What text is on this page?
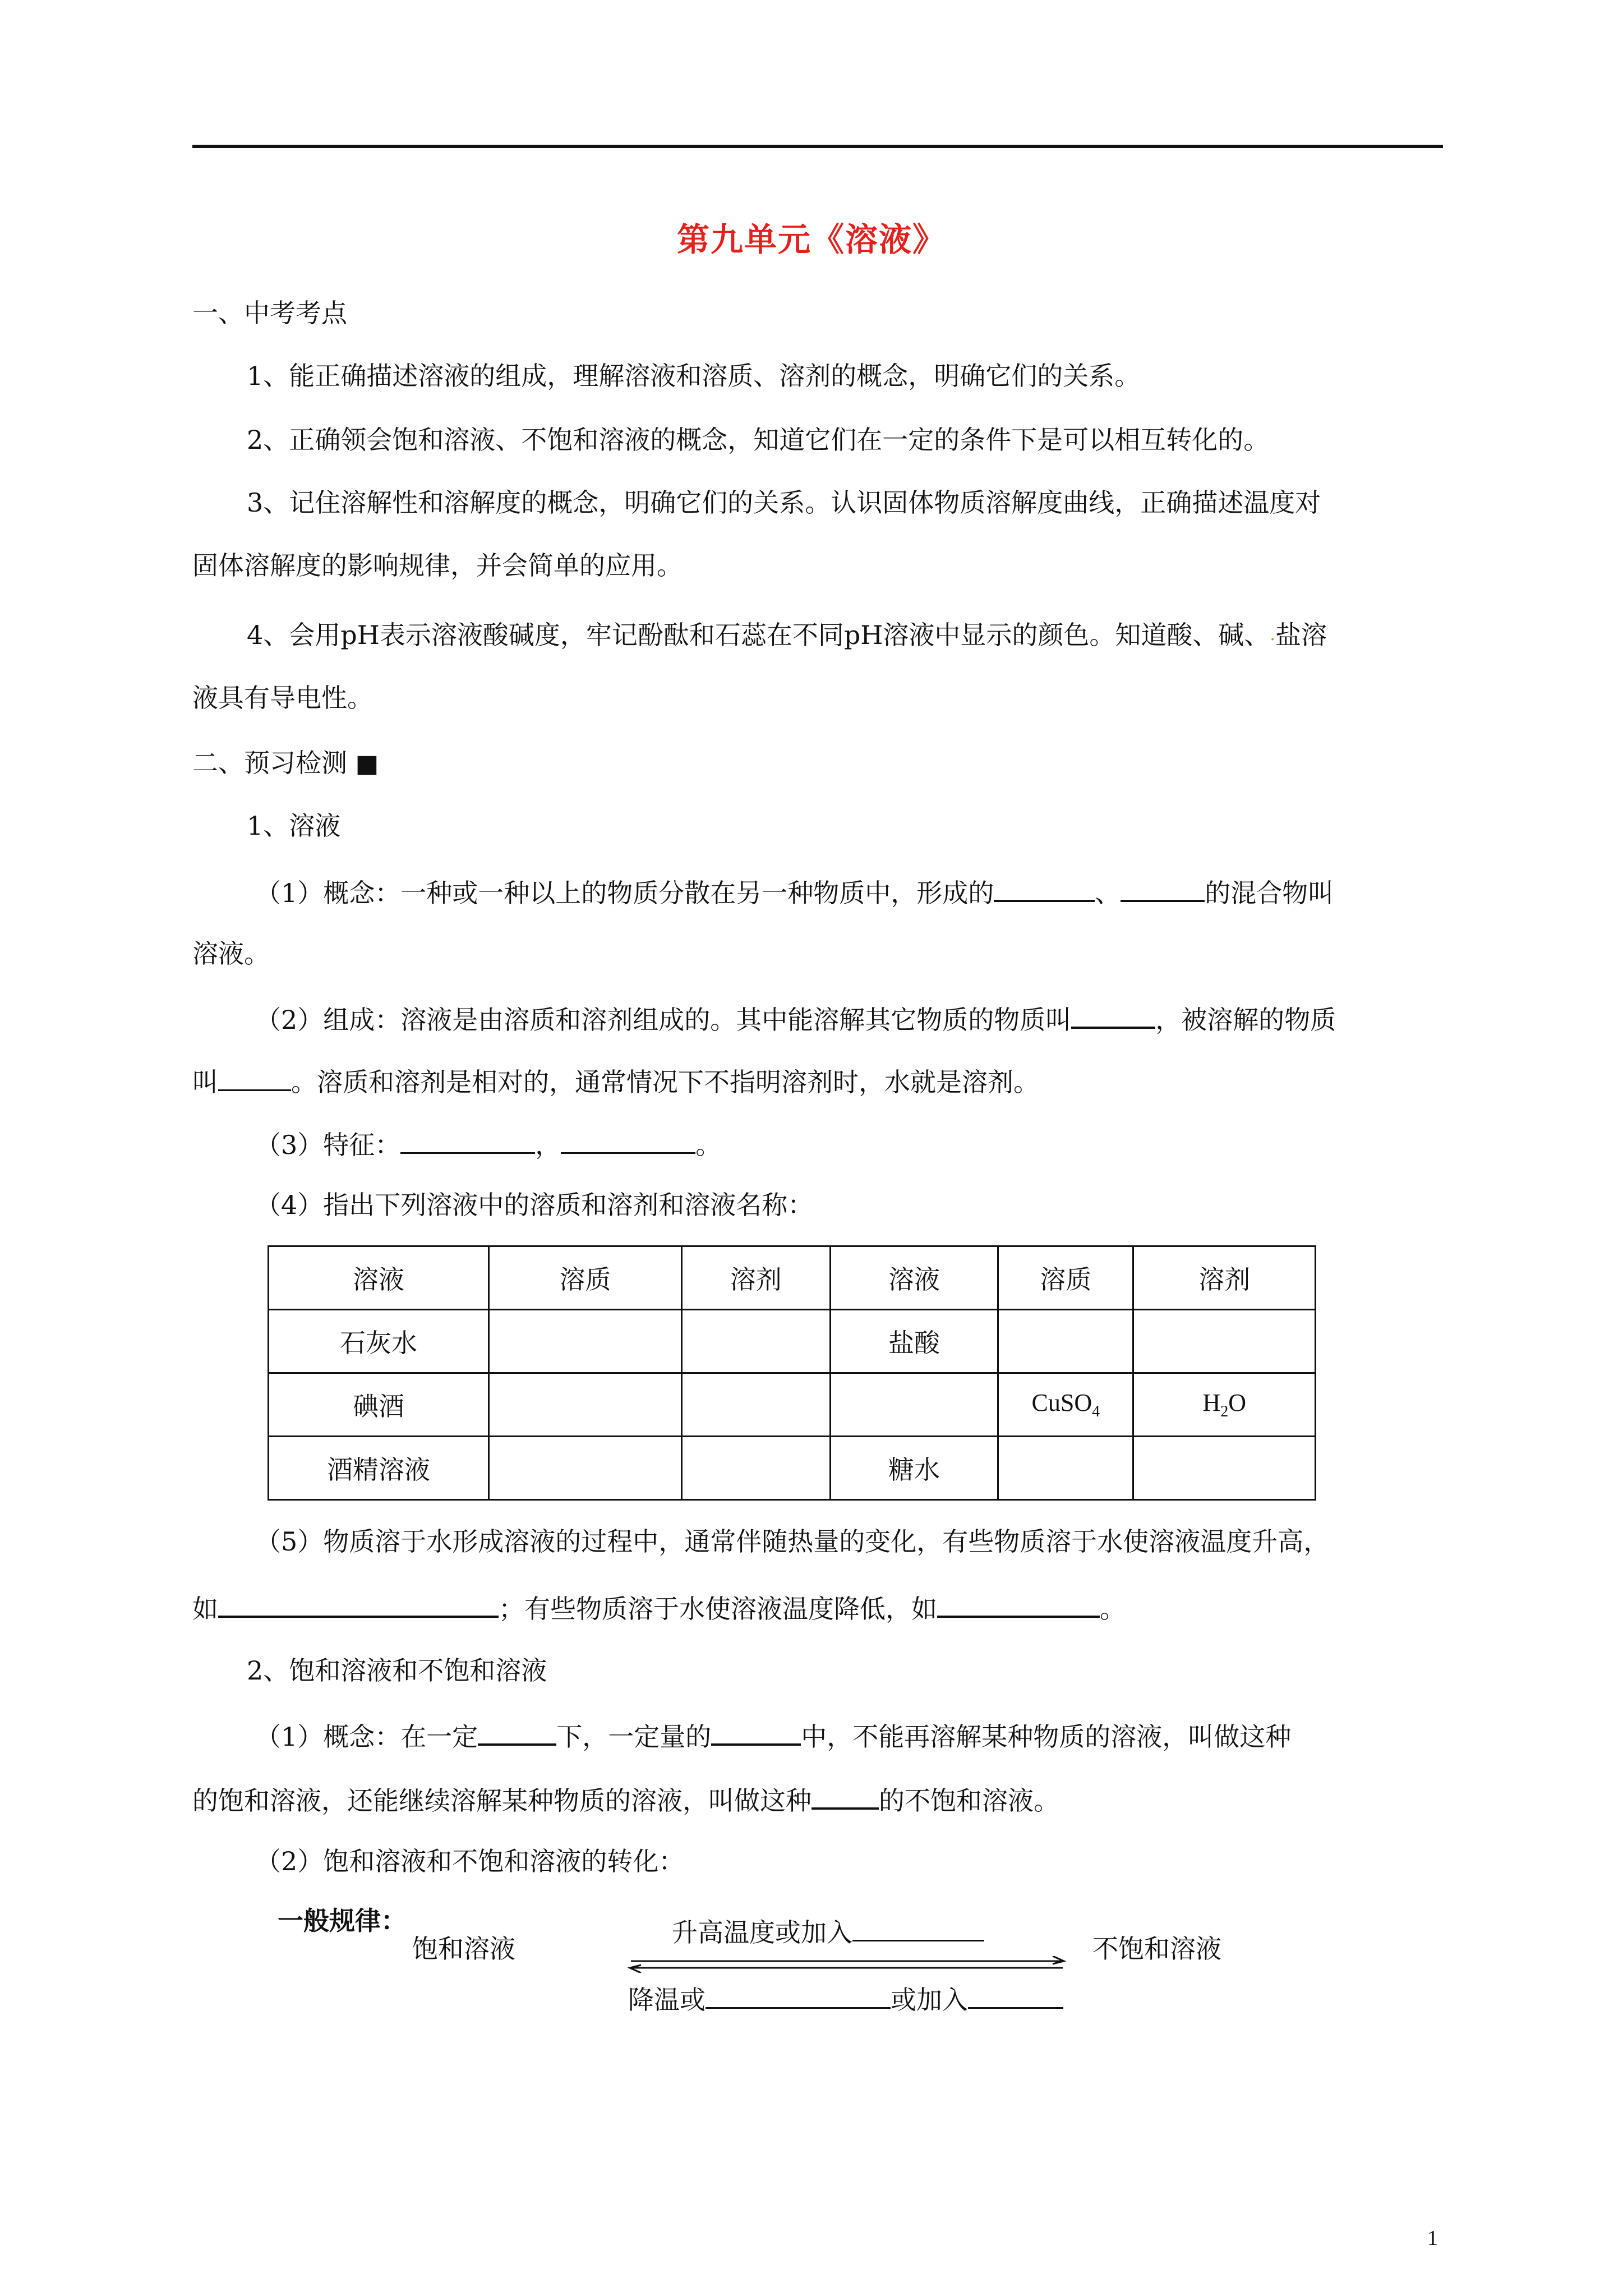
第九单元《溶液》
一、中考考点
1、能正确描述溶液的组成，理解溶液和溶质、溶剂的概念，明确它们的关系。
2、正确领会饱和溶液、不饱和溶液的概念，知道它们在一定的条件下是可以相互转化的。
3、记住溶解性和溶解度的概念，明确它们的关系。认识固体物质溶解度曲线，正确描述温度对
固体溶解度的影响规律，并会简单的应用。
4、会用pH表示溶液酸碱度，牢记酚酞和石蕊在不同pH溶液中显示的颜色。知道酸、碱、.盐溶
液具有导电性。
二、预习检测 ■
1、溶液
（1）概念：一种或一种以上的物质分散在另一种物质中，形成的	、	的混合物叫
溶液。
（2）组成：溶液是由溶质和溶剂组成的。其中能溶解其它物质的物质叫	，被溶解的物质
叫	。溶质和溶剂是相对的，通常情况下不指明溶剂时，水就是溶剂。
（3）特征：	，	。
（4）指出下列溶液中的溶质和溶剂和溶液名称：
溶液	溶质	溶剂	溶液	溶质	溶剂
石灰水			盐酸		
碘酒				CuSO$_4$	$H_2O$
酒精溶液			糖水		
（5）物质溶于水形成溶液的过程中，通常伴随热量的变化，有些物质溶于水使溶液温度升高，
如	；有些物质溶于水使溶液温度降低，如	。
2、饱和溶液和不饱和溶液
（1）概念：在一定	下，一定量的	中，不能再溶解某种物质的溶液，叫做这种
的饱和溶液，还能继续溶解某种物质的溶液，叫做这种	的不饱和溶液。
（2）饱和溶液和不饱和溶液的转化：
一般规律：
饱和溶液
升高温度或加入
不饱和溶液
降温或	或加入
1
